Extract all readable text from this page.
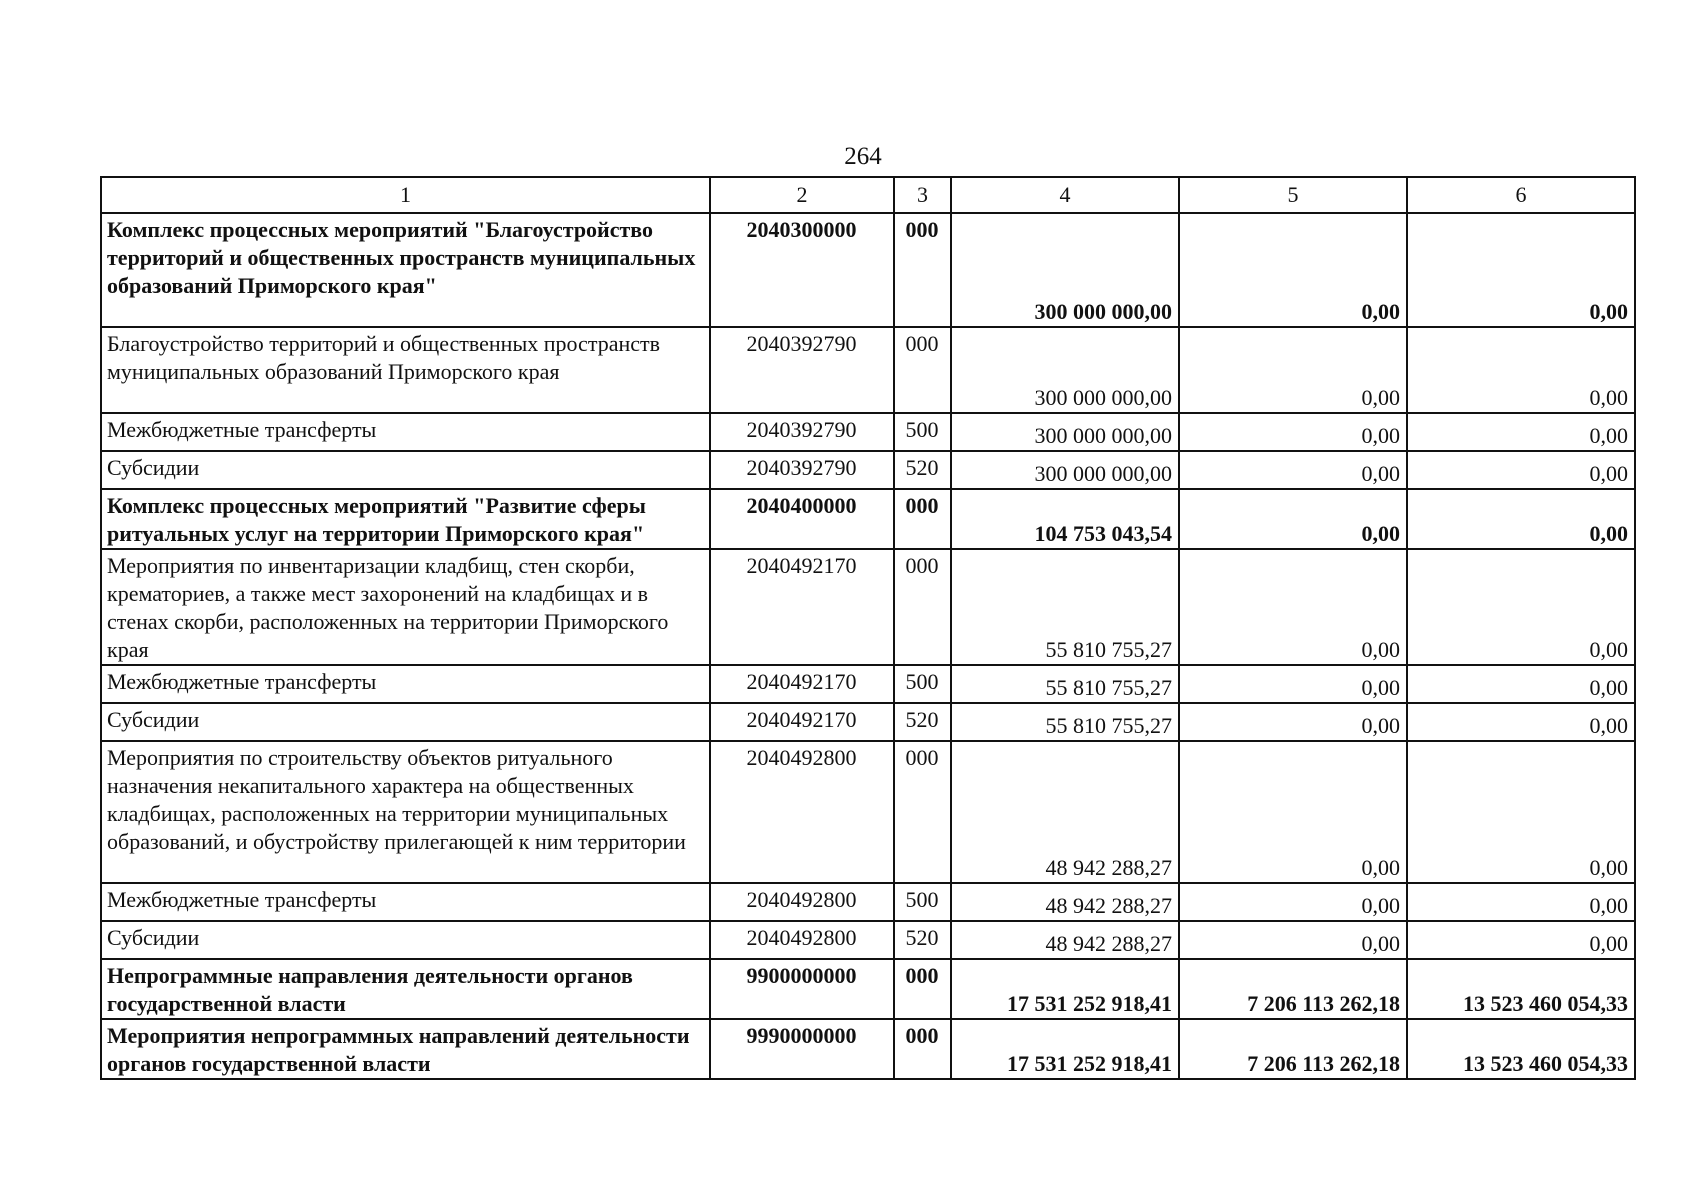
264
1	2	3	4	5	6
Комплекс процессных мероприятий "Благоустройство территорий и общественных пространств муниципальных образований Приморского края"	2040300000	000	300 000 000,00	0,00	0,00
Благоустройство территорий и общественных пространств муниципальных образований Приморского края	2040392790	000	300 000 000,00	0,00	0,00
Межбюджетные трансферты	2040392790	500	300 000 000,00	0,00	0,00
Субсидии	2040392790	520	300 000 000,00	0,00	0,00
Комплекс процессных мероприятий "Развитие сферы ритуальных услуг на территории Приморского края"	2040400000	000	104 753 043,54	0,00	0,00
Мероприятия по инвентаризации кладбищ, стен скорби, крематориев, а также мест захоронений на кладбищах и в стенах скорби, расположенных на территории Приморского края	2040492170	000	55 810 755,27	0,00	0,00
Межбюджетные трансферты	2040492170	500	55 810 755,27	0,00	0,00
Субсидии	2040492170	520	55 810 755,27	0,00	0,00
Мероприятия по строительству объектов ритуального назначения некапитального характера на общественных кладбищах, расположенных на территории муниципальных образований, и обустройству прилегающей к ним территории	2040492800	000	48 942 288,27	0,00	0,00
Межбюджетные трансферты	2040492800	500	48 942 288,27	0,00	0,00
Субсидии	2040492800	520	48 942 288,27	0,00	0,00
Непрограммные направления деятельности органов государственной власти	9900000000	000	17 531 252 918,41	7 206 113 262,18	13 523 460 054,33
Мероприятия непрограммных направлений деятельности органов государственной власти	9990000000	000	17 531 252 918,41	7 206 113 262,18	13 523 460 054,33
